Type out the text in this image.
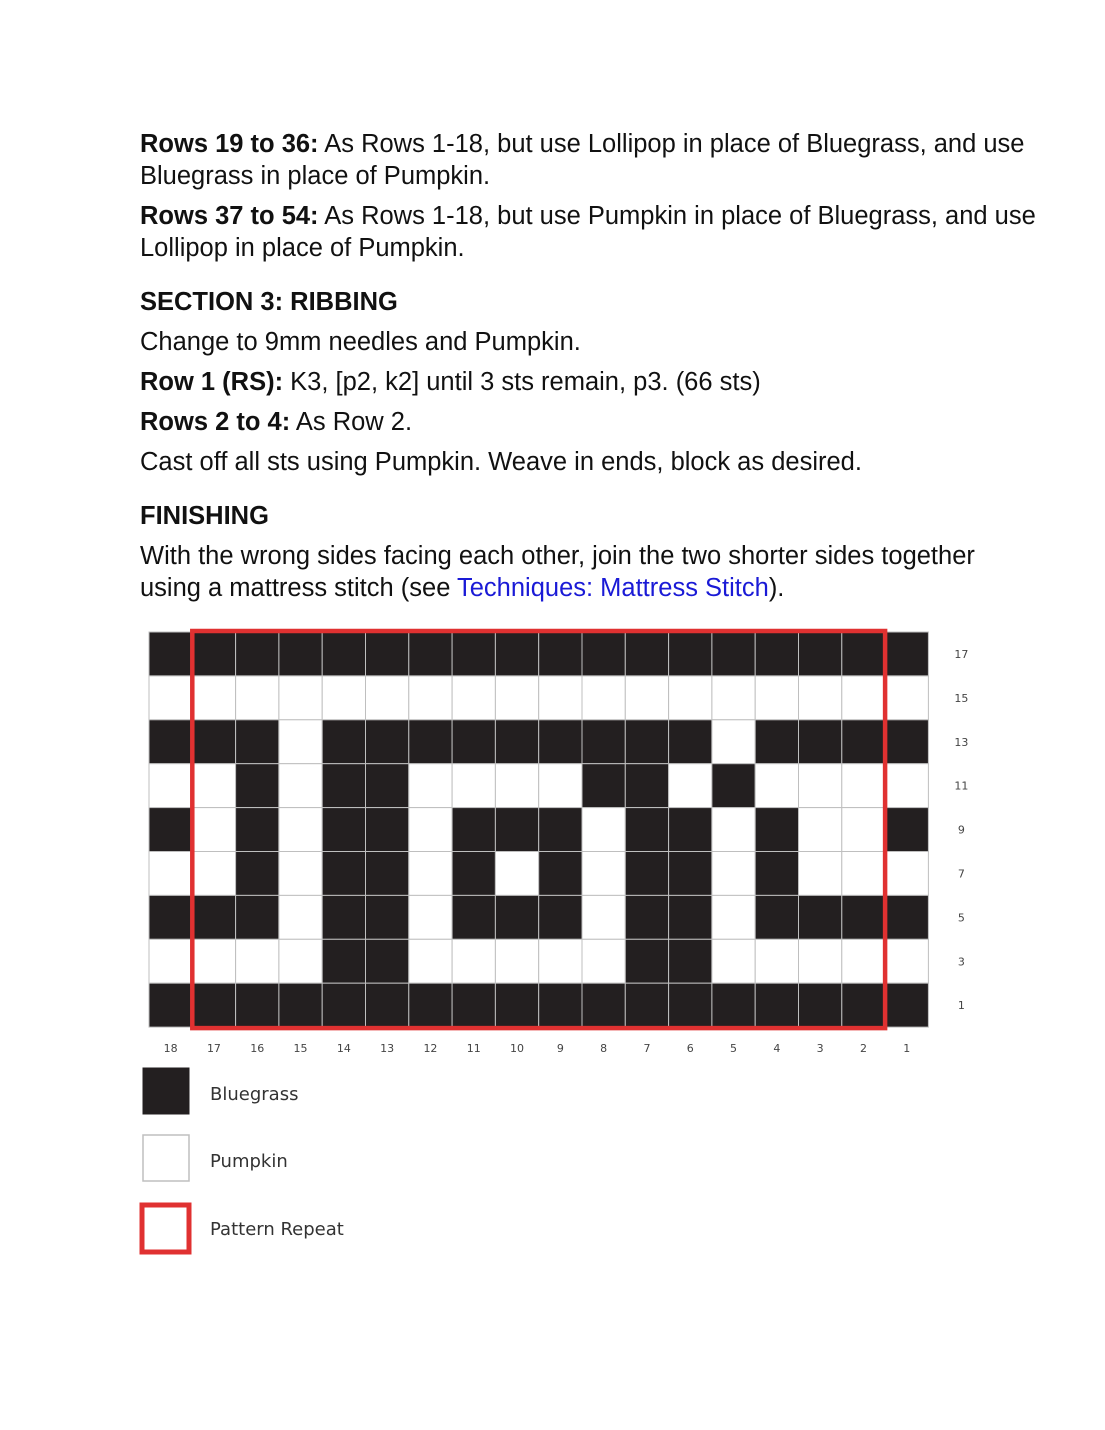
Rows 19 to 36: As Rows 1-18, but use Lollipop in place of Bluegrass, and use Bluegrass in place of Pumpkin.

Rows 37 to 54: As Rows 1-18, but use Pumpkin in place of Bluegrass, and use Lollipop in place of Pumpkin.

SECTION 3: RIBBING

Change to 9mm needles and Pumpkin.

Row 1 (RS): K3, [p2, k2] until 3 sts remain, p3. (66 sts)

Rows 2 to 4: As Row 2.

Cast off all sts using Pumpkin. Weave in ends, block as desired.

FINISHING

With the wrong sides facing each other, join the two shorter sides together using a mattress stitch (see Techniques: Mattress Stitch).

17
15
13
11
9
7
5
3
1
18	17	16	15	14	13	12	11	10	9	8	7	6	5	4	3	2	1
Bluegrass
Pumpkin
Pattern Repeat
